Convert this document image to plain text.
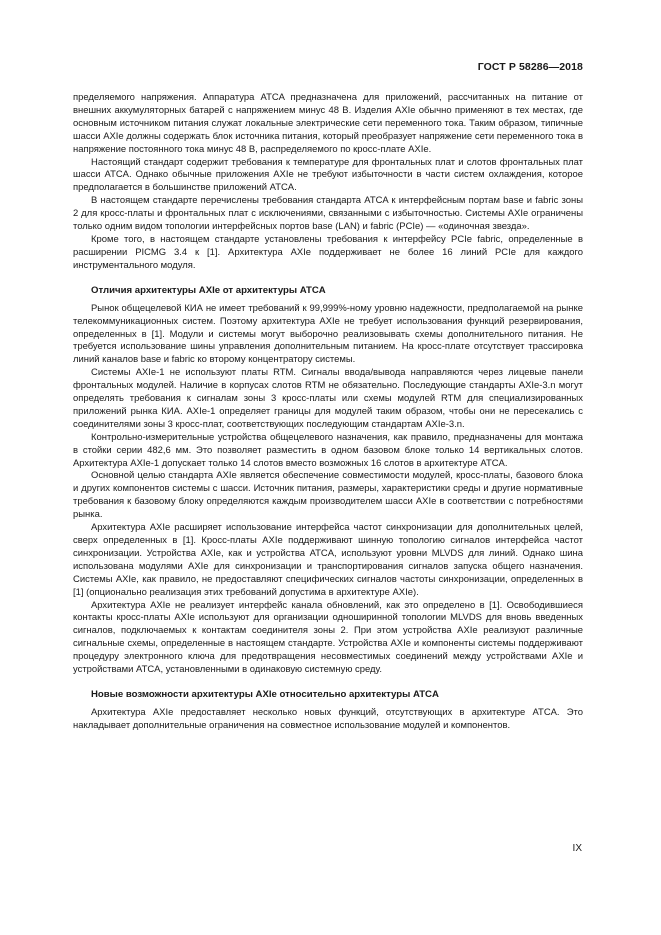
ГОСТ Р 58286—2018

пределяемого напряжения. Аппаратура ATCA предназначена для приложений, рассчитанных на питание от внешних аккумуляторных батарей с напряжением минус 48 В. Изделия AXIe обычно применяют в тех местах, где основным источником питания служат локальные электрические сети переменного тока. Таким образом, типичные шасси AXIe должны содержать блок источника питания, который преобразует напряжение сети переменного тока в напряжение постоянного тока минус 48 В, распределяемого по кросс-плате AXIe.

Настоящий стандарт содержит требования к температуре для фронтальных плат и слотов фронтальных плат шасси ATCA. Однако обычные приложения AXIe не требуют избыточности в части систем охлаждения, которое предполагается в большинстве приложений ATCA.

В настоящем стандарте перечислены требования стандарта ATCA к интерфейсным портам base и fabric зоны 2 для кросс-платы и фронтальных плат с исключениями, связанными с избыточностью. Системы AXIe ограничены только одним видом топологии интерфейсных портов base (LAN) и fabric (PCIe) — «одиночная звезда».

Кроме того, в настоящем стандарте установлены требования к интерфейсу PCIe fabric, определенные в расширении PICMG 3.4 к [1]. Архитектура AXIe поддерживает не более 16 линий PCIe для каждого инструментального модуля.

Отличия архитектуры AXIe от архитектуры ATCA

Рынок общецелевой КИА не имеет требований к 99,999%-ному уровню надежности, предполагаемой на рынке телекоммуникационных систем. Поэтому архитектура AXIe не требует использования функций резервирования, определенных в [1]. Модули и системы могут выборочно реализовывать схемы дополнительного питания. Не требуется использование шины управления дополнительным питанием. На кросс-плате отсутствует трассировка линий каналов base и fabric ко второму концентратору системы.

Системы AXIe-1 не используют платы RTM. Сигналы ввода/вывода направляются через лицевые панели фронтальных модулей. Наличие в корпусах слотов RTM не обязательно. Последующие стандарты AXIe-3.n могут определять требования к сигналам зоны 3 кросс-платы или схемы модулей RTM для специализированных приложений рынка КИА. AXIe-1 определяет границы для модулей таким образом, чтобы они не пересекались с соединителями зоны 3 кросс-плат, соответствующих последующим стандартам AXIe-3.n.

Контрольно-измерительные устройства общецелевого назначения, как правило, предназначены для монтажа в стойки серии 482,6 мм. Это позволяет разместить в одном базовом блоке только 14 вертикальных слотов. Архитектура AXIe-1 допускает только 14 слотов вместо возможных 16 слотов в архитектуре ATCA.

Основной целью стандарта AXIe является обеспечение совместимости модулей, кросс-платы, базового блока и других компонентов системы с шасси. Источник питания, размеры, характеристики среды и другие нормативные требования к базовому блоку определяются каждым производителем шасси AXIe в соответствии с потребностями рынка.

Архитектура AXIe расширяет использование интерфейса частот синхронизации для дополнительных целей, сверх определенных в [1]. Кросс-платы AXIe поддерживают шинную топологию сигналов интерфейса частот синхронизации. Устройства AXIe, как и устройства ATCA, используют уровни MLVDS для линий. Однако шина использована модулями AXIe для синхронизации и транспортирования сигналов запуска общего назначения. Системы AXIe, как правило, не предоставляют специфических сигналов частоты синхронизации, определенных в [1] (опционально реализация этих требований допустима в архитектуре AXIe).

Архитектура AXIe не реализует интерфейс канала обновлений, как это определено в [1]. Освободившиеся контакты кросс-платы AXIe используют для организации одноширинной топологии MLVDS для вновь введенных сигналов, подключаемых к контактам соединителя зоны 2. При этом устройства AXIe реализуют различные сигнальные схемы, определенные в настоящем стандарте. Устройства AXIe и компоненты системы поддерживают процедуру электронного ключа для предотвращения несовместимых соединений между устройствами AXIe и устройствами ATCA, установленными в одинаковую системную среду.

Новые возможности архитектуры AXIe относительно архитектуры ATCA

Архитектура AXIe предоставляет несколько новых функций, отсутствующих в архитектуре ATCA. Это накладывает дополнительные ограничения на совместное использование модулей и компонентов.

IX
